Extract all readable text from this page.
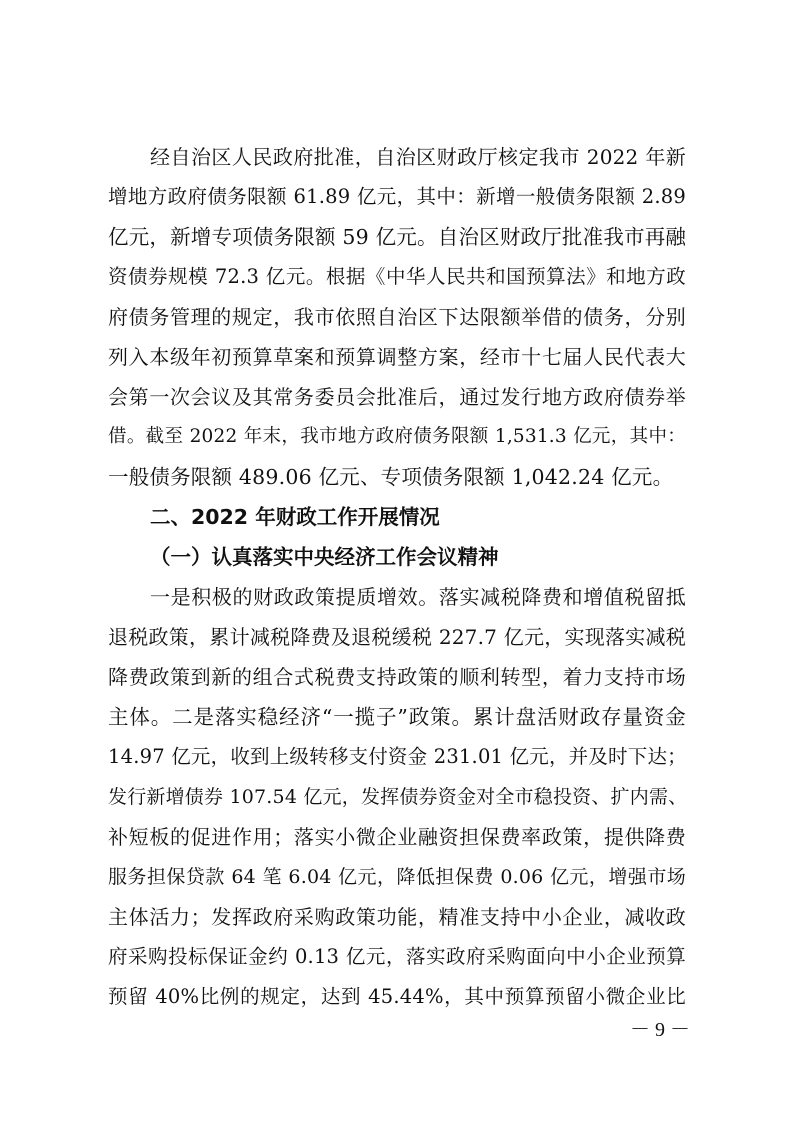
经自治区人民政府批准，自治区财政厅核定我市 2022 年新
增地方政府债务限额 61.89 亿元，其中：新增一般债务限额 2.89
亿元，新增专项债务限额 59 亿元。自治区财政厅批准我市再融
资债券规模 72.3 亿元。根据《中华人民共和国预算法》和地方政
府债务管理的规定，我市依照自治区下达限额举借的债务，分别
列入本级年初预算草案和预算调整方案，经市十七届人民代表大
会第一次会议及其常务委员会批准后，通过发行地方政府债券举
借。截至 2022 年末，我市地方政府债务限额 1,531.3 亿元，其中：
一般债务限额 489.06 亿元、专项债务限额 1,042.24 亿元。
二、2022 年财政工作开展情况
（一）认真落实中央经济工作会议精神
一是积极的财政政策提质增效。落实减税降费和增值税留抵
退税政策，累计减税降费及退税缓税 227.7 亿元，实现落实减税
降费政策到新的组合式税费支持政策的顺利转型，着力支持市场
主体。二是落实稳经济“一揽子”政策。累计盘活财政存量资金
14.97 亿元，收到上级转移支付资金 231.01 亿元，并及时下达；
发行新增债券 107.54 亿元，发挥债券资金对全市稳投资、扩内需、
补短板的促进作用；落实小微企业融资担保费率政策，提供降费
服务担保贷款 64 笔 6.04 亿元，降低担保费 0.06 亿元，增强市场
主体活力；发挥政府采购政策功能，精准支持中小企业，减收政
府采购投标保证金约 0.13 亿元，落实政府采购面向中小企业预算
预留 40%比例的规定，达到 45.44%，其中预算预留小微企业比
－ 9 －
